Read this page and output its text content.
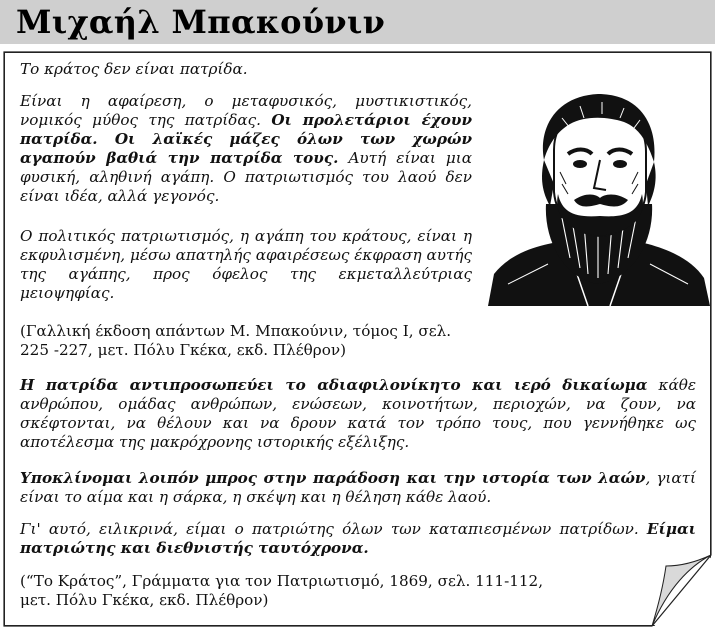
Μιχαήλ Μπακούνιν

Το κράτος δεν είναι πατρίδα.

Είναι η αφαίρεση, ο μεταφυσικός, μυστικιστικός, νομικός μύθος της πατρίδας. Οι προλετάριοι έχουν πατρίδα. Οι λαϊκές μάζες όλων των χωρών αγαπούν βαθιά την πατρίδα τους. Αυτή είναι μια φυσική, αληθινή αγάπη. Ο πατριωτισμός του λαού δεν είναι ιδέα, αλλά γεγονός.

Ο πολιτικός πατριωτισμός, η αγάπη του κράτους, είναι η εκφυλισμένη, μέσω απατηλής αφαιρέσεως έκφραση αυτής της αγάπης, προς όφελος της εκμεταλλεύτριας μειοψηφίας.

(Γαλλική έκδοση απάντων Μ. Μπακούνιν, τόμος Ι, σελ. 225 -227, μετ. Πόλυ Γκέκα, εκδ. Πλέθρον)

Η πατρίδα αντιπροσωπεύει το αδιαφιλονίκητο και ιερό δικαίωμα κάθε ανθρώπου, ομάδας ανθρώπων, ενώσεων, κοινοτήτων, περιοχών, να ζουν, να σκέφτονται, να θέλουν και να δρουν κατά τον τρόπο τους, που γεννήθηκε ως αποτέλεσμα της μακρόχρονης ιστορικής εξέλιξης.

Υποκλίνομαι λοιπόν μπρος στην παράδοση και την ιστορία των λαών, γιατί είναι το αίμα και η σάρκα, η σκέψη και η θέληση κάθε λαού.

Γι' αυτό, ειλικρινά, είμαι ο πατριώτης όλων των καταπιεσμένων πατρίδων. Είμαι πατριώτης και διεθνιστής ταυτόχρονα.

(“Το Κράτος”, Γράμματα για τον Πατριωτισμό, 1869, σελ. 111-112,

μετ. Πόλυ Γκέκα, εκδ. Πλέθρον)
